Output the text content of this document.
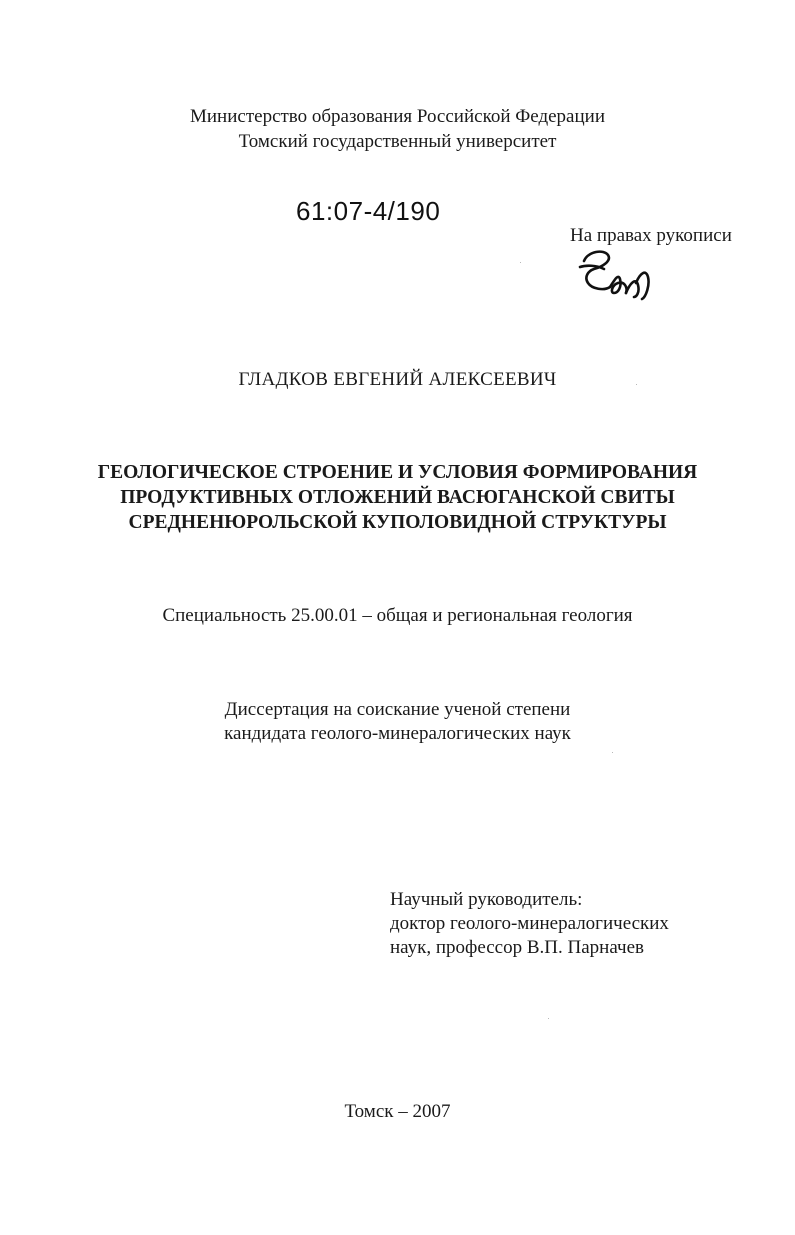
Министерство образования Российской Федерации
Томский государственный университет
61:07-4/190
На правах рукописи
ГЛАДКОВ ЕВГЕНИЙ АЛЕКСЕЕВИЧ
ГЕОЛОГИЧЕСКОЕ СТРОЕНИЕ И УСЛОВИЯ ФОРМИРОВАНИЯ
ПРОДУКТИВНЫХ ОТЛОЖЕНИЙ ВАСЮГАНСКОЙ СВИТЫ
СРЕДНЕНЮРОЛЬСКОЙ КУПОЛОВИДНОЙ СТРУКТУРЫ
Специальность 25.00.01 – общая и региональная геология
Диссертация на соискание ученой степени
кандидата геолого-минералогических наук
Научный руководитель:
доктор геолого-минералогических
наук, профессор В.П. Парначев
Томск – 2007
